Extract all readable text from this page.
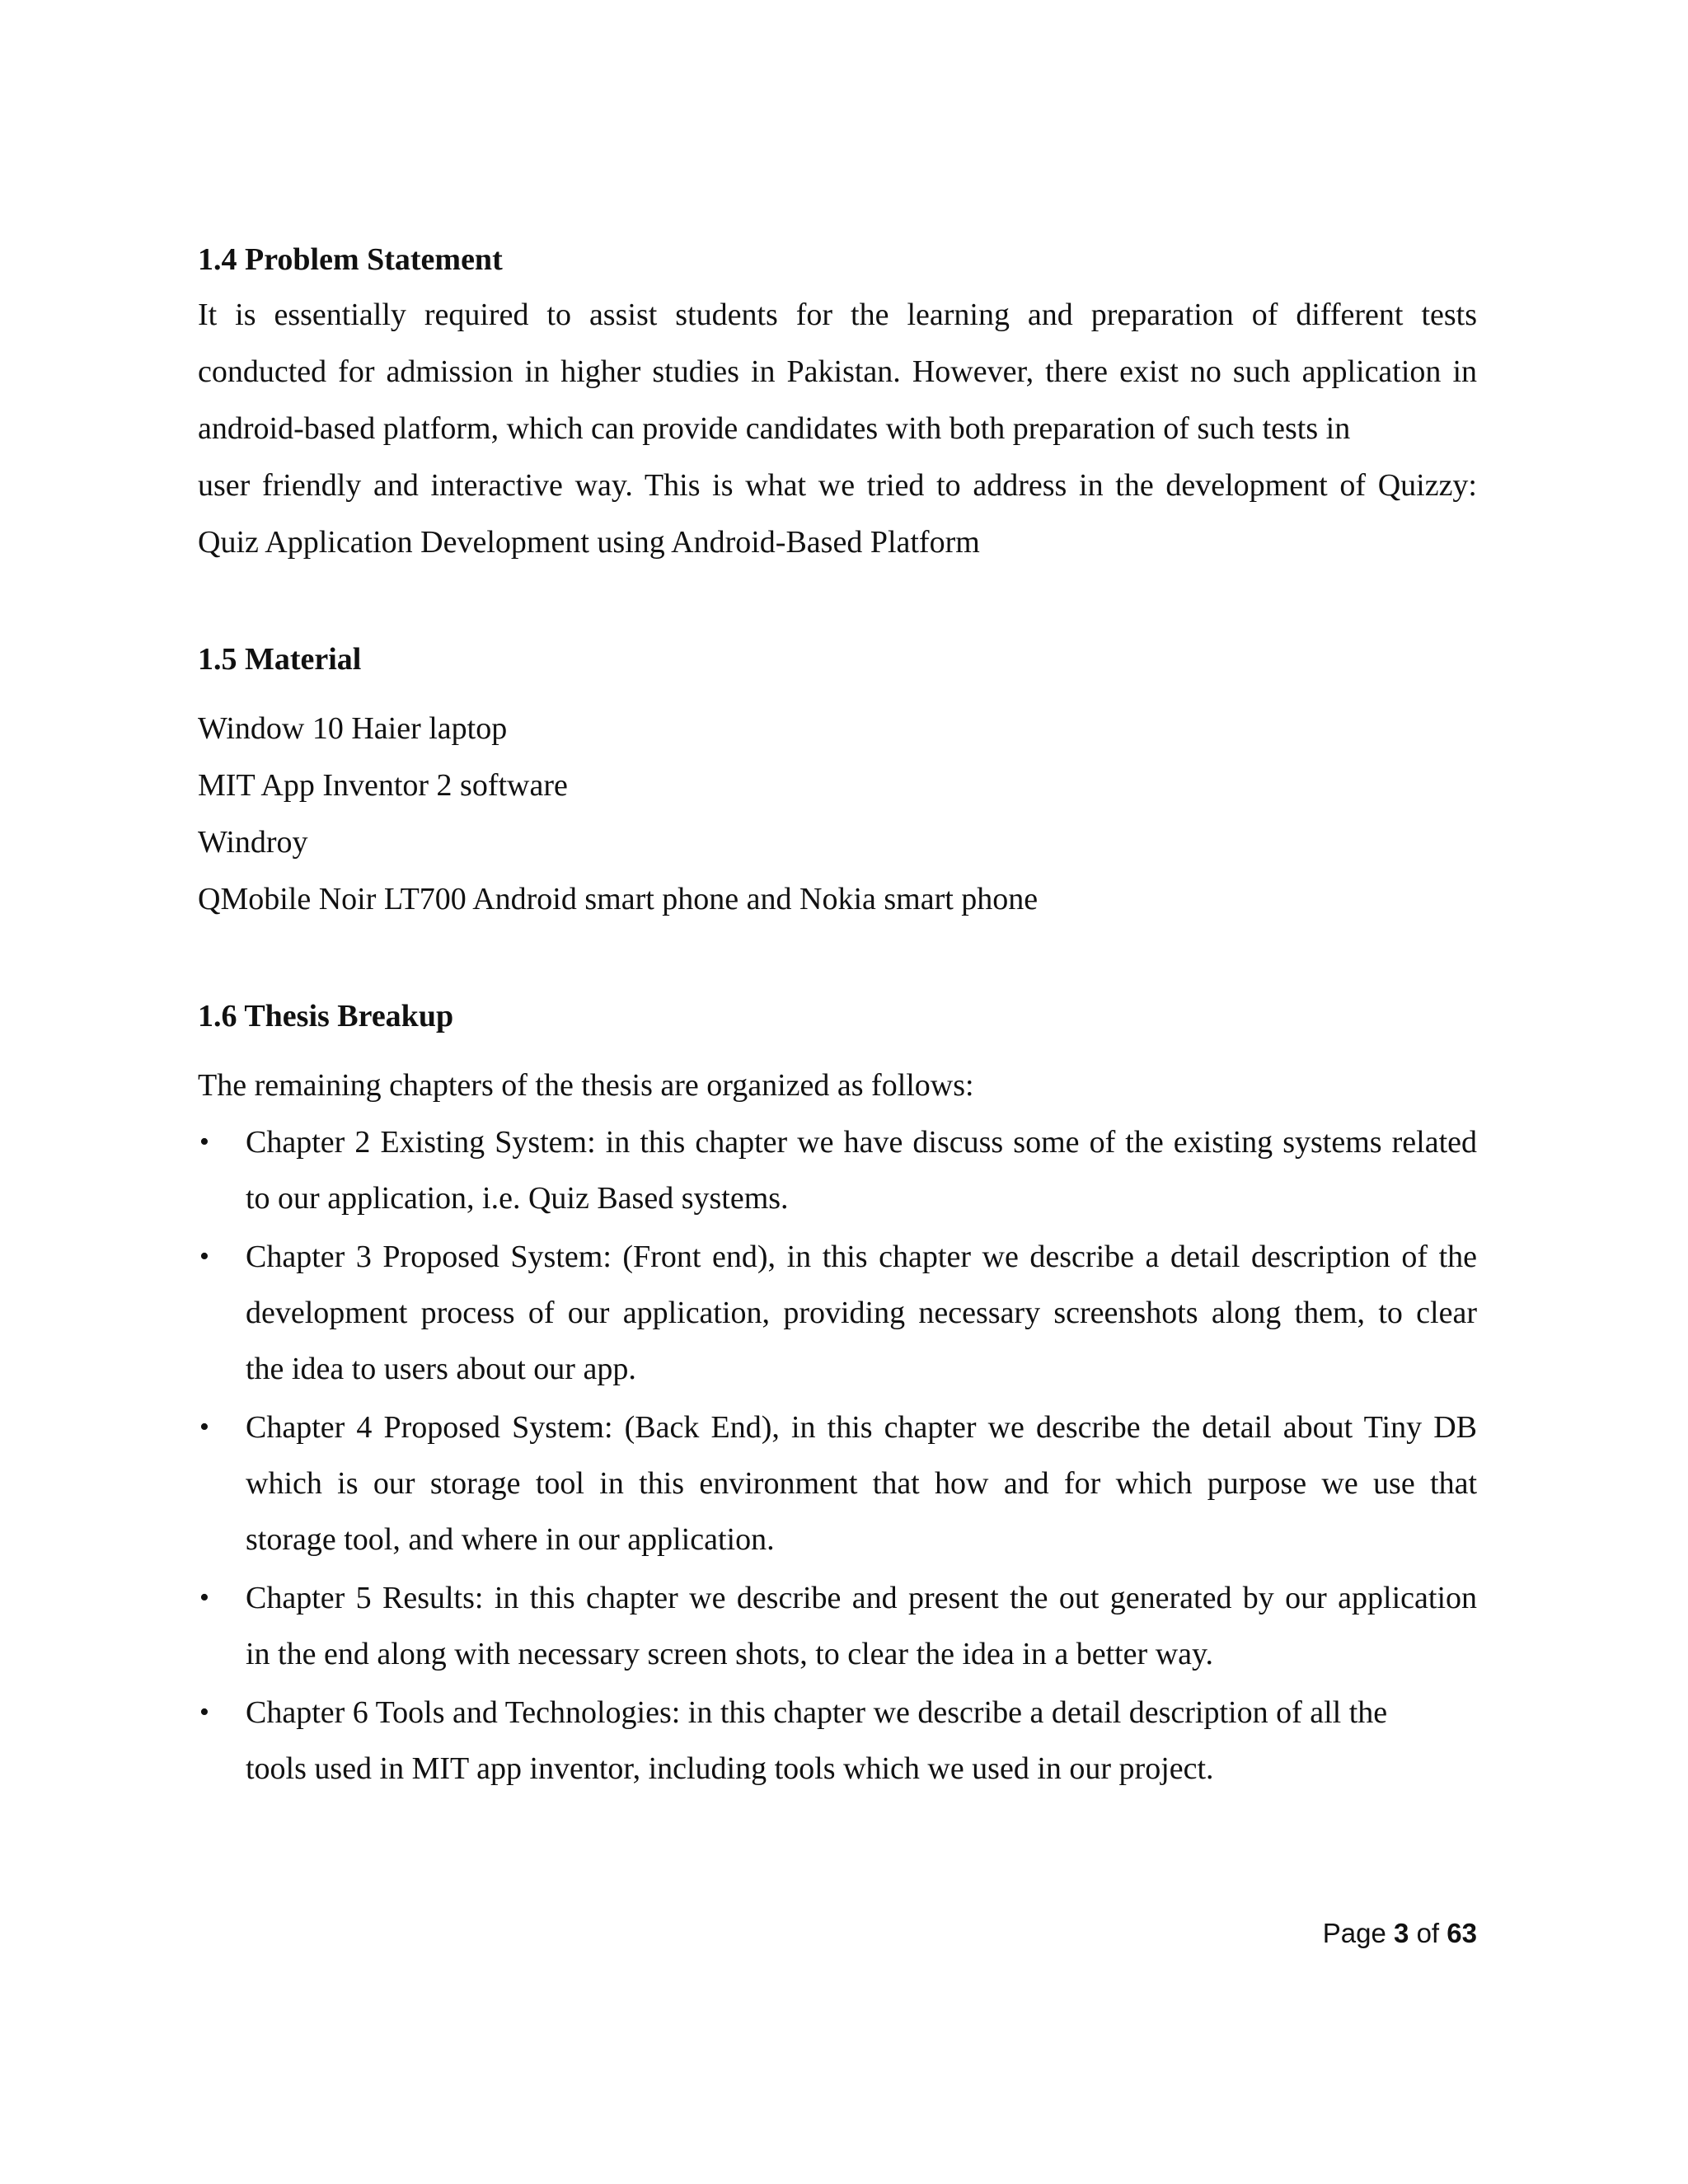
1.4 Problem Statement
It is essentially required to assist students for the learning and preparation of different tests
conducted for admission in higher studies in Pakistan. However, there exist no such application in
android-based platform, which can provide candidates with both preparation of such tests in
user friendly and interactive way. This is what we tried to address in the development of Quizzy:
Quiz Application Development using Android-Based Platform
1.5 Material
Window 10 Haier laptop
MIT App Inventor 2 software
Windroy
QMobile Noir LT700 Android smart phone and Nokia smart phone
1.6 Thesis Breakup

The remaining chapters of the thesis are organized as follows:

• Chapter 2 Existing System: in this chapter we have discuss some of the existing systems related
to our application, i.e. Quiz Based systems.
• Chapter 3 Proposed System: (Front end), in this chapter we describe a detail description of the
development process of our application, providing necessary screenshots along them, to clear
the idea to users about our app.
• Chapter 4 Proposed System: (Back End), in this chapter we describe the detail about Tiny DB
which is our storage tool in this environment that how and for which purpose we use that
storage tool, and where in our application.
• Chapter 5 Results: in this chapter we describe and present the out generated by our application
in the end along with necessary screen shots, to clear the idea in a better way.
• Chapter 6 Tools and Technologies: in this chapter we describe a detail description of all the
tools used in MIT app inventor, including tools which we used in our project.
Page 3 of 63
